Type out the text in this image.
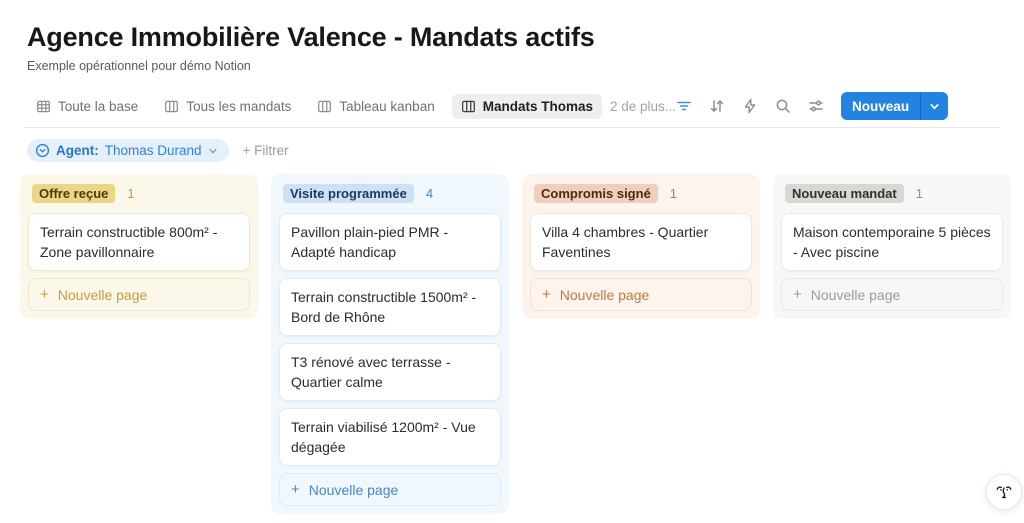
Agence Immobilière Valence - Mandats actifs
Exemple opérationnel pour démo Notion
Toute la base	Tous les mandats	Tableau kanban	Mandats Thomas 2 de plus...	Nouveau
Agent: Thomas Durand	+ Filtrer
Offre reçue	1
Terrain constructible 800m² - Zone pavillonnaire
+ Nouvelle page
Visite programmée	4
Pavillon plain-pied PMR - Adapté handicap
Terrain constructible 1500m² - Bord de Rhône
T3 rénové avec terrasse - Quartier calme
Terrain viabilisé 1200m² - Vue dégagée
+ Nouvelle page
Compromis signé	1
Villa 4 chambres - Quartier Faventines
+ Nouvelle page
Nouveau mandat	1
Maison contemporaine 5 pièces - Avec piscine
+ Nouvelle page
